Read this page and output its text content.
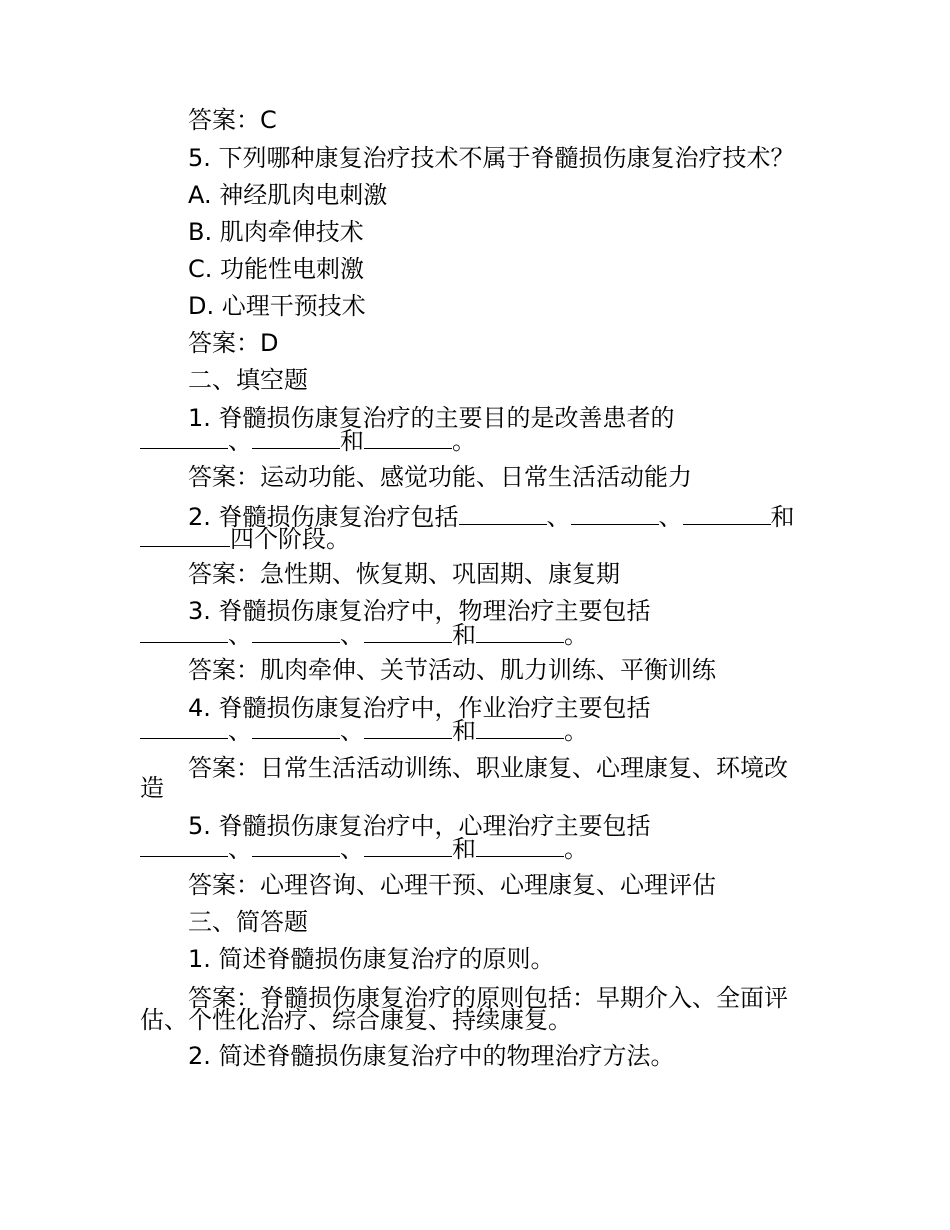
答案：C
5. 下列哪种康复治疗技术不属于脊髓损伤康复治疗技术？
A. 神经肌肉电刺激
B. 肌肉牵伸技术
C. 功能性电刺激
D. 心理干预技术
答案：D
二、填空题
1. 脊髓损伤康复治疗的主要目的是改善患者的
、	和	。
答案：运动功能、感觉功能、日常生活活动能力
2. 脊髓损伤康复治疗包括	、	、	和
四个阶段。
答案：急性期、恢复期、巩固期、康复期
3. 脊髓损伤康复治疗中，物理治疗主要包括
、	、	和	。
答案：肌肉牵伸、关节活动、肌力训练、平衡训练
4. 脊髓损伤康复治疗中，作业治疗主要包括
、	、	和	。
答案：日常生活活动训练、职业康复、心理康复、环境改
造
5. 脊髓损伤康复治疗中，心理治疗主要包括
、	、	和	。
答案：心理咨询、心理干预、心理康复、心理评估
三、简答题
1. 简述脊髓损伤康复治疗的原则。
答案：脊髓损伤康复治疗的原则包括：早期介入、全面评
估、个性化治疗、综合康复、持续康复。
2. 简述脊髓损伤康复治疗中的物理治疗方法。
